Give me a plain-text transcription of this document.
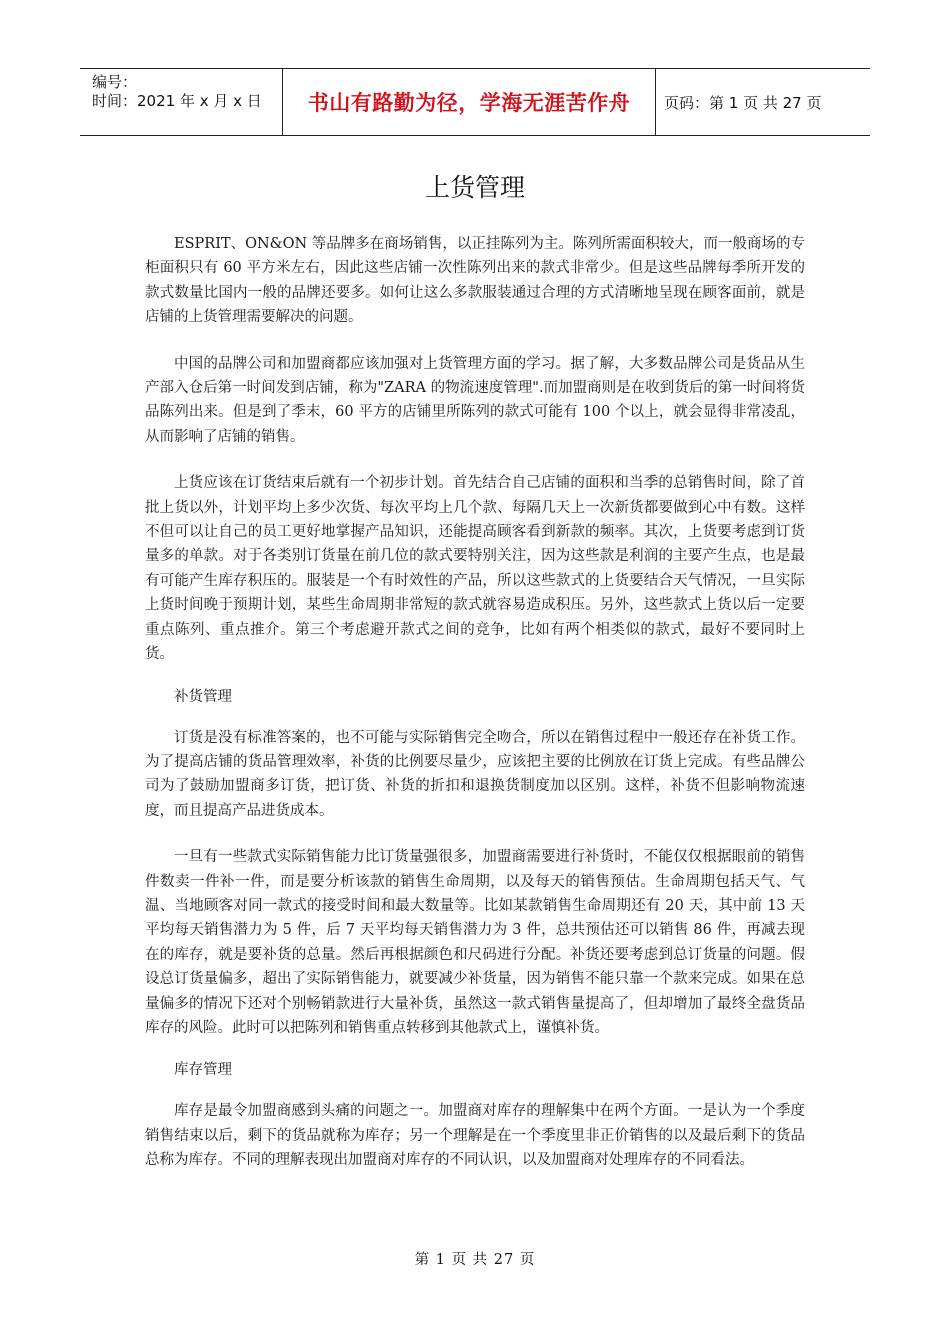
编号：
时间：2021 年 x 月 x 日	书山有路勤为径，学海无涯苦作舟	页码：第 1 页 共 27 页
上货管理

ESPRIT、ON&ON 等品牌多在商场销售，以正挂陈列为主。陈列所需面积较大，而一般商场的专柜面积只有 60 平方米左右，因此这些店铺一次性陈列出来的款式非常少。但是这些品牌每季所开发的款式数量比国内一般的品牌还要多。如何让这么多款服装通过合理的方式清晰地呈现在顾客面前，就是店铺的上货管理需要解决的问题。

中国的品牌公司和加盟商都应该加强对上货管理方面的学习。据了解，大多数品牌公司是货品从生产部入仓后第一时间发到店铺，称为"ZARA 的物流速度管理".而加盟商则是在收到货后的第一时间将货品陈列出来。但是到了季末，60 平方的店铺里所陈列的款式可能有 100 个以上，就会显得非常凌乱，从而影响了店铺的销售。

上货应该在订货结束后就有一个初步计划。首先结合自己店铺的面积和当季的总销售时间，除了首批上货以外，计划平均上多少次货、每次平均上几个款、每隔几天上一次新货都要做到心中有数。这样不但可以让自己的员工更好地掌握产品知识，还能提高顾客看到新款的频率。其次，上货要考虑到订货量多的单款。对于各类别订货量在前几位的款式要特别关注，因为这些款是利润的主要产生点，也是最有可能产生库存积压的。服装是一个有时效性的产品，所以这些款式的上货要结合天气情况，一旦实际上货时间晚于预期计划，某些生命周期非常短的款式就容易造成积压。另外，这些款式上货以后一定要重点陈列、重点推介。第三个考虑避开款式之间的竞争，比如有两个相类似的款式，最好不要同时上货。

补货管理

订货是没有标准答案的，也不可能与实际销售完全吻合，所以在销售过程中一般还存在补货工作。为了提高店铺的货品管理效率，补货的比例要尽量少，应该把主要的比例放在订货上完成。有些品牌公司为了鼓励加盟商多订货，把订货、补货的折扣和退换货制度加以区别。这样，补货不但影响物流速度，而且提高产品进货成本。

一旦有一些款式实际销售能力比订货量强很多，加盟商需要进行补货时，不能仅仅根据眼前的销售件数卖一件补一件，而是要分析该款的销售生命周期，以及每天的销售预估。生命周期包括天气、气温、当地顾客对同一款式的接受时间和最大数量等。比如某款销售生命周期还有 20 天，其中前 13 天平均每天销售潜力为 5 件，后 7 天平均每天销售潜力为 3 件，总共预估还可以销售 86 件，再减去现在的库存，就是要补货的总量。然后再根据颜色和尺码进行分配。补货还要考虑到总订货量的问题。假设总订货量偏多，超出了实际销售能力，就要减少补货量，因为销售不能只靠一个款来完成。如果在总量偏多的情况下还对个别畅销款进行大量补货，虽然这一款式销售量提高了，但却增加了最终全盘货品库存的风险。此时可以把陈列和销售重点转移到其他款式上，谨慎补货。

库存管理

库存是最令加盟商感到头痛的问题之一。加盟商对库存的理解集中在两个方面。一是认为一个季度销售结束以后，剩下的货品就称为库存；另一个理解是在一个季度里非正价销售的以及最后剩下的货品总称为库存。不同的理解表现出加盟商对库存的不同认识，以及加盟商对处理库存的不同看法。

第 1 页 共 27 页
